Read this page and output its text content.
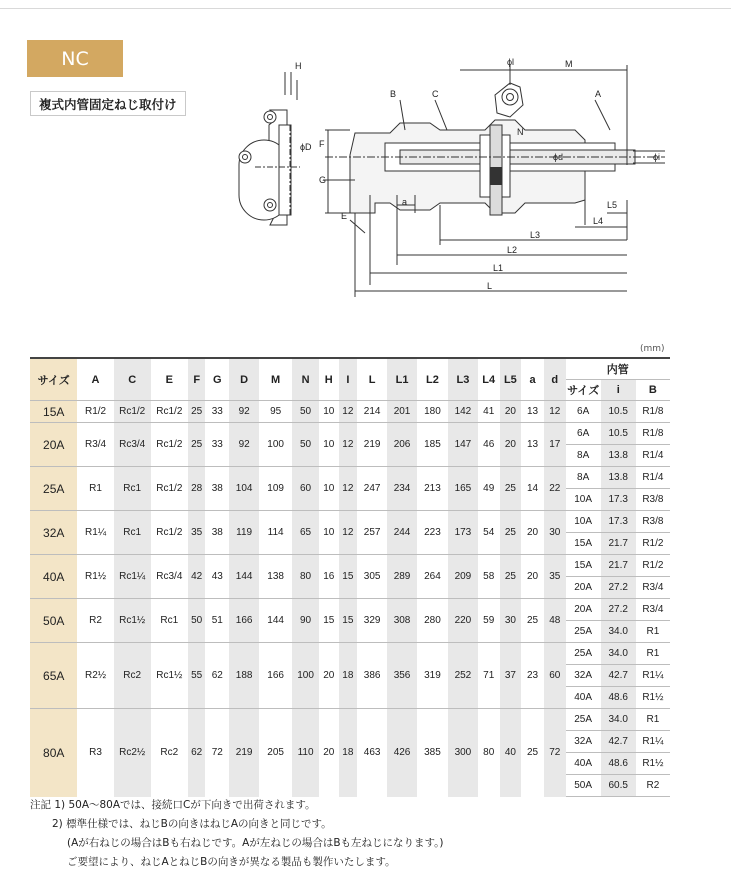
NC
複式内管固定ねじ取付け
H	ϕl	M
B	C	A
ϕD F
N
G
ϕd	ϕi
E
a	L5
L4
L3
L2
L1
L
(mm)
サイズ	A	C	E	F	G	D	M	N	H	I	L	L1	L2	L3	L4	L5	a	d	内管		
																			サイズ	i	B
15A	R1/2	Rc1/2	Rc1/2	25	33	92	95	50	10	12	214	201	180	142	41	20	13	12	6A	10.5	R1/8
20A	R3/4	Rc3/4	Rc1/2	25	33	92	100	50	10	12	219	206	185	147	46	20	13	17	6A	10.5	R1/8
																			8A	13.8	R1/4
25A	R1	Rc1	Rc1/2	28	38	104	109	60	10	12	247	234	213	165	49	25	14	22	8A	13.8	R1/4
																			10A	17.3	R3/8
32A	R1¼	Rc1	Rc1/2	35	38	119	114	65	10	12	257	244	223	173	54	25	20	30	10A	17.3	R3/8
																			15A	21.7	R1/2
40A	R1½	Rc1¼	Rc3/4	42	43	144	138	80	16	15	305	289	264	209	58	25	20	35	15A	21.7	R1/2
																			20A	27.2	R3/4
50A	R2	Rc1½	Rc1	50	51	166	144	90	15	15	329	308	280	220	59	30	25	48	20A	27.2	R3/4
																			25A	34.0	R1
65A	R2½	Rc2	Rc1½	55	62	188	166	100	20	18	386	356	319	252	71	37	23	60	25A	34.0	R1
																			32A	42.7	R1¼
																			40A	48.6	R1½
80A	R3	Rc2½	Rc2	62	72	219	205	110	20	18	463	426	385	300	80	40	25	72	25A	34.0	R1
																			32A	42.7	R1¼
																			40A	48.6	R1½
																			50A	60.5	R2
注記 1) 50A～80Aでは、接続口Cが下向きで出荷されます。
2) 標準仕様では、ねじBの向きはねじAの向きと同じです。
(Aが右ねじの場合はBも右ねじです。Aが左ねじの場合はBも左ねじになります。)
ご要望により、ねじAとねじBの向きが異なる製品も製作いたします。
